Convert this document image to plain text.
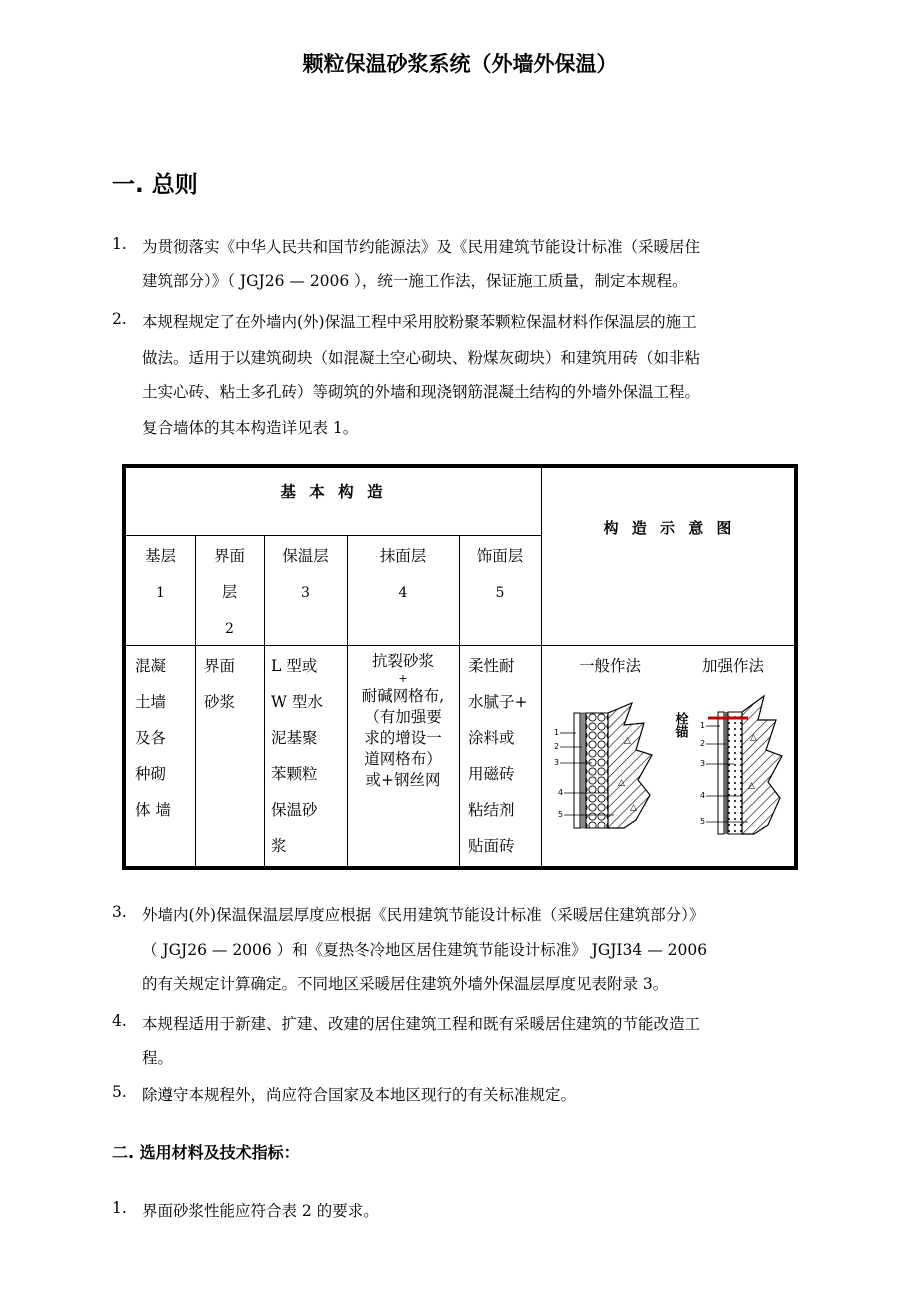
颗粒保温砂浆系统（外墙外保温）
一. 总则
1. 为贯彻落实《中华人民共和国节约能源法》及《民用建筑节能设计标准（采暖居住
建筑部分）》（ JGJ26 — 2006 ），统一施工作法，保证施工质量，制定本规程。
2. 本规程规定了在外墙内(外)保温工程中采用胶粉聚苯颗粒保温材料作保温层的施工
做法。适用于以建筑砌块（如混凝土空心砌块、粉煤灰砌块）和建筑用砖（如非粘
土实心砖、粘土多孔砖）等砌筑的外墙和现浇钢筋混凝土结构的外墙外保温工程。
复合墙体的其本构造详见表 1。
基 本 构 造
构 造 示 意 图
基层
1
界面
层
2
保温层
3
抹面层
4
饰面层
5
混凝
土墙
及各
种砌
体 墙
界面
砂浆
L 型或
W 型水
泥基聚
苯颗粒
保温砂
浆
抗裂砂浆
+
耐碱网格布,
（有加强要
求的增设一
道网格布）
或+钢丝网
柔性耐
水腻子+
涂料或
用磁砖
粘结剂
贴面砖
一般作法	加强作法
△
△
△
1
2
3
4
5
栓锚	△
△
1
2
3
4
5
3. 外墙内(外)保温保温层厚度应根据《民用建筑节能设计标准（采暖居住建筑部分）》
（ JGJ26 — 2006 ）和《夏热冬冷地区居住建筑节能设计标准》 JGJI34 — 2006
的有关规定计算确定。不同地区采暖居住建筑外墙外保温层厚度见表附录 3。
4. 本规程适用于新建、扩建、改建的居住建筑工程和既有采暖居住建筑的节能改造工
程。
5. 除遵守本规程外，尚应符合国家及本地区现行的有关标准规定。
二. 选用材料及技术指标：
1. 界面砂浆性能应符合表 2 的要求。
